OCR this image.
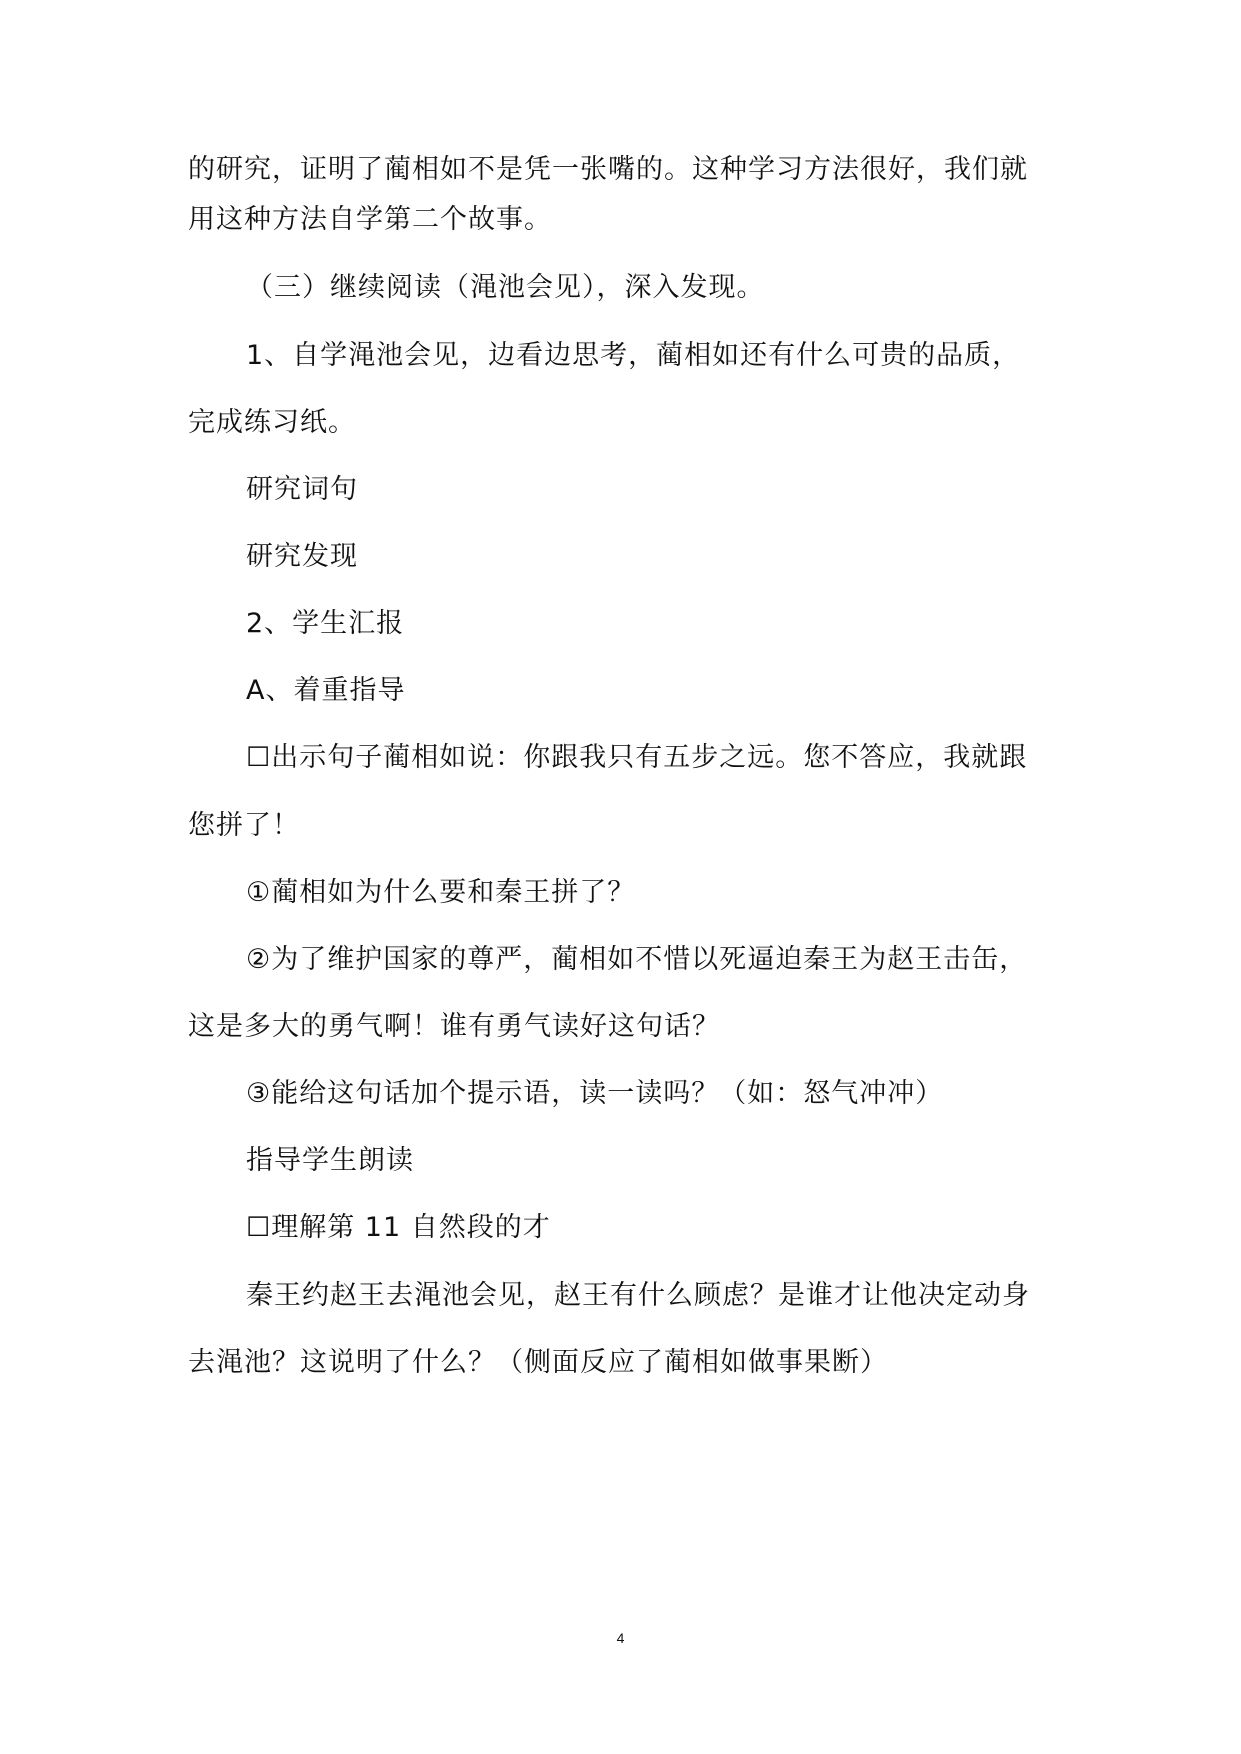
的研究，证明了蔺相如不是凭一张嘴的。这种学习方法很好，我们就
用这种方法自学第二个故事。
（三）继续阅读（渑池会见），深入发现。
1、自学渑池会见，边看边思考，蔺相如还有什么可贵的品质，
完成练习纸。
研究词句
研究发现
2、学生汇报
A、着重指导
☐出示句子蔺相如说：你跟我只有五步之远。您不答应，我就跟
您拼了！
①蔺相如为什么要和秦王拼了？
②为了维护国家的尊严，蔺相如不惜以死逼迫秦王为赵王击缶，
这是多大的勇气啊！谁有勇气读好这句话？
③能给这句话加个提示语，读一读吗？（如：怒气冲冲）
指导学生朗读
☐理解第 11 自然段的才
秦王约赵王去渑池会见，赵王有什么顾虑？是谁才让他决定动身
去渑池？这说明了什么？（侧面反应了蔺相如做事果断）
4
